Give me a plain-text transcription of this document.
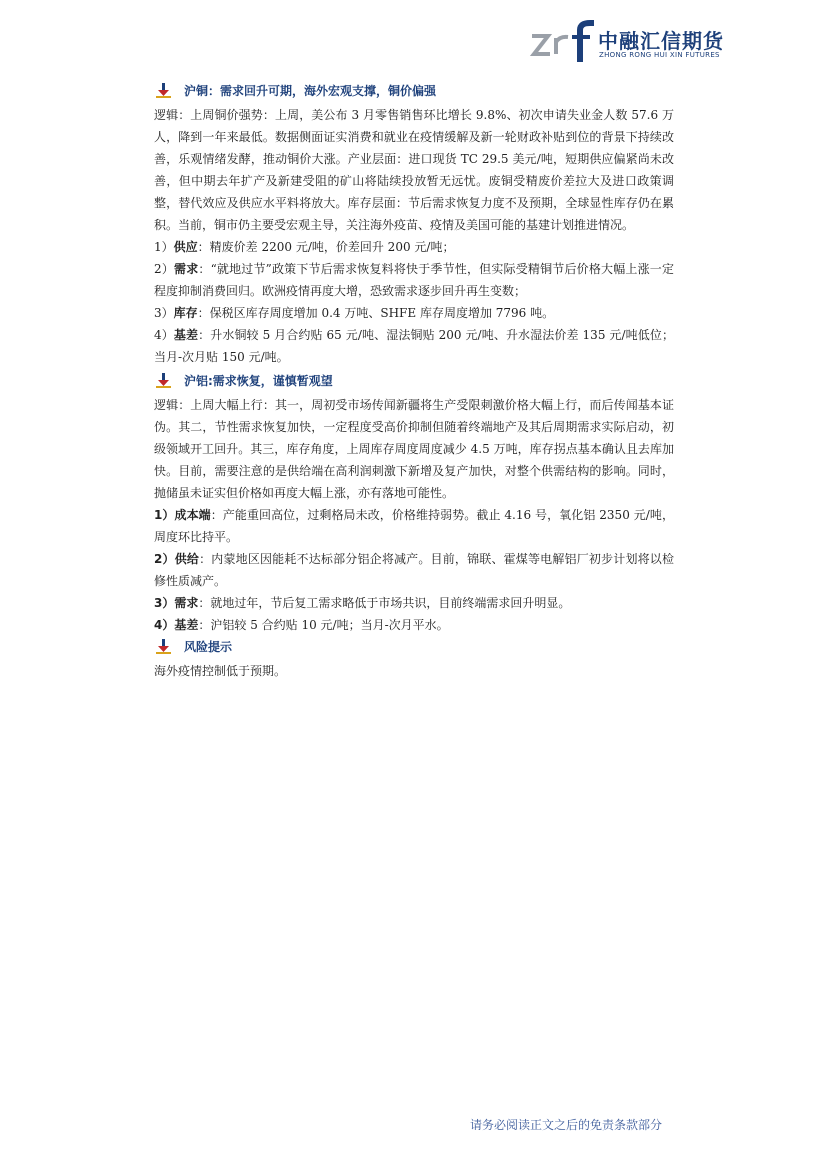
中融汇信期货
ZHONG RONG HUI XIN FUTURES
沪铜：需求回升可期，海外宏观支撑，铜价偏强

逻辑：上周铜价强势：上周，美公布 3 月零售销售环比增长 9.8%、初次申请失业金人数 57.6 万人，降到一年来最低。数据侧面证实消费和就业在疫情缓解及新一轮财政补贴到位的背景下持续改善，乐观情绪发酵，推动铜价大涨。产业层面：进口现货 TC 29.5 美元/吨，短期供应偏紧尚未改善，但中期去年扩产及新建受阻的矿山将陆续投放暂无远忧。废铜受精废价差拉大及进口政策调整，替代效应及供应水平料将放大。库存层面：节后需求恢复力度不及预期，全球显性库存仍在累积。当前，铜市仍主要受宏观主导，关注海外疫苗、疫情及美国可能的基建计划推进情况。

1）供应：精废价差 2200 元/吨，价差回升 200 元/吨；

2）需求：“就地过节”政策下节后需求恢复料将快于季节性，但实际受精铜节后价格大幅上涨一定程度抑制消费回归。欧洲疫情再度大增，恐致需求逐步回升再生变数；

3）库存：保税区库存周度增加 0.4 万吨、SHFE 库存周度增加 7796 吨。

4）基差：升水铜较 5 月合约贴 65 元/吨、湿法铜贴 200 元/吨、升水湿法价差 135 元/吨低位；当月-次月贴 150 元/吨。

沪铝:需求恢复，谨慎暂观望

逻辑：上周大幅上行：其一，周初受市场传闻新疆将生产受限刺激价格大幅上行，而后传闻基本证伪。其二，节性需求恢复加快，一定程度受高价抑制但随着终端地产及其后周期需求实际启动，初级领域开工回升。其三，库存角度，上周库存周度周度减少 4.5 万吨，库存拐点基本确认且去库加快。目前，需要注意的是供给端在高利润刺激下新增及复产加快，对整个供需结构的影响。同时，抛储虽未证实但价格如再度大幅上涨，亦有落地可能性。

1）成本端：产能重回高位，过剩格局未改，价格维持弱势。截止 4.16 号，氧化铝 2350 元/吨，周度环比持平。

2）供给：内蒙地区因能耗不达标部分铝企将减产。目前，锦联、霍煤等电解铝厂初步计划将以检修性质减产。

3）需求：就地过年，节后复工需求略低于市场共识，目前终端需求回升明显。

4）基差：沪铝较 5 合约贴 10 元/吨；当月-次月平水。

风险提示

海外疫情控制低于预期。

请务必阅读正文之后的免责条款部分
